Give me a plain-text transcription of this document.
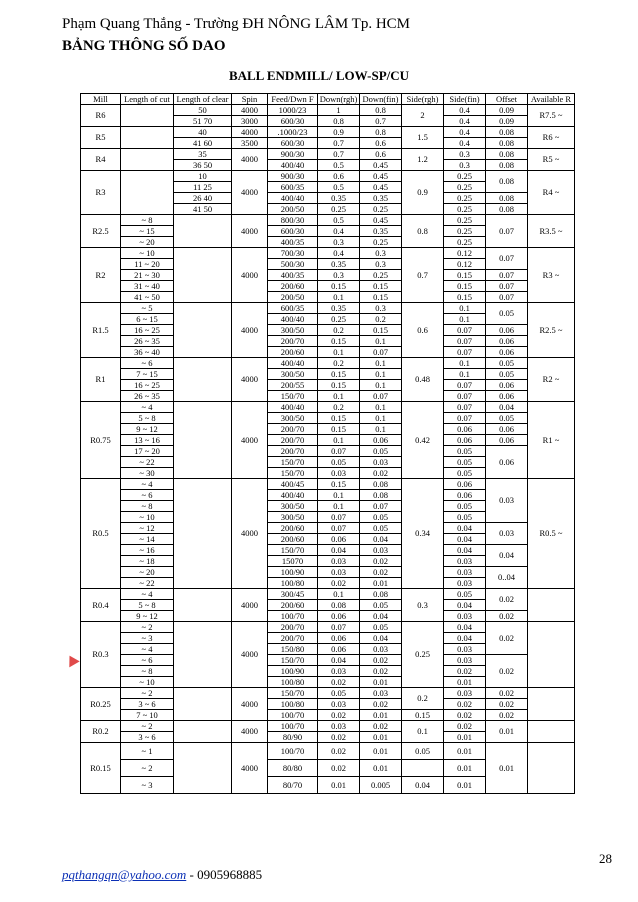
Phạm Quang Thắng - Trường ĐH NÔNG LÂM Tp. HCM
BẢNG THÔNG SỐ DAO
BALL ENDMILL/ LOW-SP/CU
Mill	Length of cut	Length of clear	Spin	Feed/Dwn F	Down(rgh)	Down(fin)	Side(rgh)	Side(fin)	Offset	Available R
R6		50	4000	1000/23	1	0.8	2	0.4	0.09	R7.5 ~
		51 70	3000	600/30	0.8	0.7		0.4	0.09	
R5		40	4000	.1000/23	0.9	0.8	1.5	0.4	0.08	R6 ~
		41 60	3500	600/30	0.7	0.6		0.4	0.08	
R4		35	4000	900/30	0.7	0.6	1.2	0.3	0.08	R5 ~
		36 50		400/40	0.5	0.45		0.3	0.08	
R3		10	4000	900/30	0.6	0.45	0.9	0.25	0.08	R4 ~
		11 25		600/35	0.5	0.45		0.25		
		26 40		400/40	0.35	0.35		0.25	0.08	
		41 50		200/50	0.25	0.25		0.25	0.08	
R2.5	~ 8		4000	800/30	0.5	0.45	0.8	0.25	0.07	R3.5 ~
	~ 15			600/30	0.4	0.35		0.25		
	~ 20			400/35	0.3	0.25		0.25		
R2	~ 10		4000	700/30	0.4	0.3	0.7	0.12	0.07	R3 ~
	11 ~ 20			500/30	0.35	0.3		0.12		
	21 ~ 30			400/35	0.3	0.25		0.15	0.07	
	31 ~ 40			200/60	0.15	0.15		0.15	0.07	
	41 ~ 50			200/50	0.1	0.15		0.15	0.07	
R1.5	~ 5		4000	600/35	0.35	0.3	0.6	0.1	0.05	R2.5 ~
	6 ~ 15			400/40	0.25	0.2		0.1		
	16 ~ 25			300/50	0.2	0.15		0.07	0.06	
	26 ~ 35			200/70	0.15	0.1		0.07	0.06	
	36 ~ 40			200/60	0.1	0.07		0.07	0.06	
R1	~ 6		4000	400/40	0.2	0.1	0.48	0.1	0.05	R2 ~
	7 ~ 15			300/50	0.15	0.1		0.1	0.05	
	16 ~ 25			200/55	0.15	0.1		0.07	0.06	
	26 ~ 35			150/70	0.1	0.07		0.07	0.06	
R0.75	~ 4		4000	400/40	0.2	0.1	0.42	0.07	0.04	R1 ~
	5 ~ 8			300/50	0.15	0.1		0.07	0.05	
	9 ~ 12			200/70	0.15	0.1		0.06	0.06	
	13 ~ 16			200/70	0.1	0.06		0.06	0.06	
	17 ~ 20			200/70	0.07	0.05		0.05	0.06	
	~ 22			150/70	0.05	0.03		0.05		
	~ 30			150/70	0.03	0.02		0.05		
R0.5	~ 4		4000	400/45	0.15	0.08	0.34	0.06	0.03	R0.5 ~
	~ 6			400/40	0.1	0.08		0.06		
	~ 8			300/50	0.1	0.07		0.05		
	~ 10			300/50	0.07	0.05		0.05		
	~ 12			200/60	0.07	0.05		0.04	0.03	
	~ 14			200/60	0.06	0.04		0.04		
	~ 16			150/70	0.04	0.03		0.04	0.04	
	~ 18			15070	0.03	0.02		0.03		
	~ 20			100/90	0.03	0.02		0.03	0..04	
	~ 22			100/80	0.02	0.01		0.03		
R0.4	~ 4		4000	300/45	0.1	0.08	0.3	0.05	0.02	
	5 ~ 8			200/60	0.08	0.05		0.04		
	9 ~ 12			100/70	0.06	0.04		0.03	0.02	
R0.3	~ 2		4000	200/70	0.07	0.05	0.25	0.04	0.02	
	~ 3			200/70	0.06	0.04		0.04		
	~ 4			150/80	0.06	0.03		0.03		
	~ 6			150/70	0.04	0.02		0.03	0.02	
	~ 8			100/90	0.03	0.02		0.02		
	~ 10			100/80	0.02	0.01		0.01		
R0.25	~ 2		4000	150/70	0.05	0.03	0.2	0.03	0.02	
	3 ~ 6			100/80	0.03	0.02		0.02	0.02	
	7 ~ 10			100/70	0.02	0.01	0.15	0.02	0.02	
R0.2	~ 2		4000	100/70	0.03	0.02	0.1	0.02	0.01	
	3 ~ 6			80/90	0.02	0.01		0.01		
R0.15	~ 1		4000	100/70	0.02	0.01	0.05	0.01	0.01	
	~ 2			80/80	0.02	0.01		0.01		
	~ 3			80/70	0.01	0.005	0.04	0.01		
28
pqthangqn@yahoo.com - 0905968885
